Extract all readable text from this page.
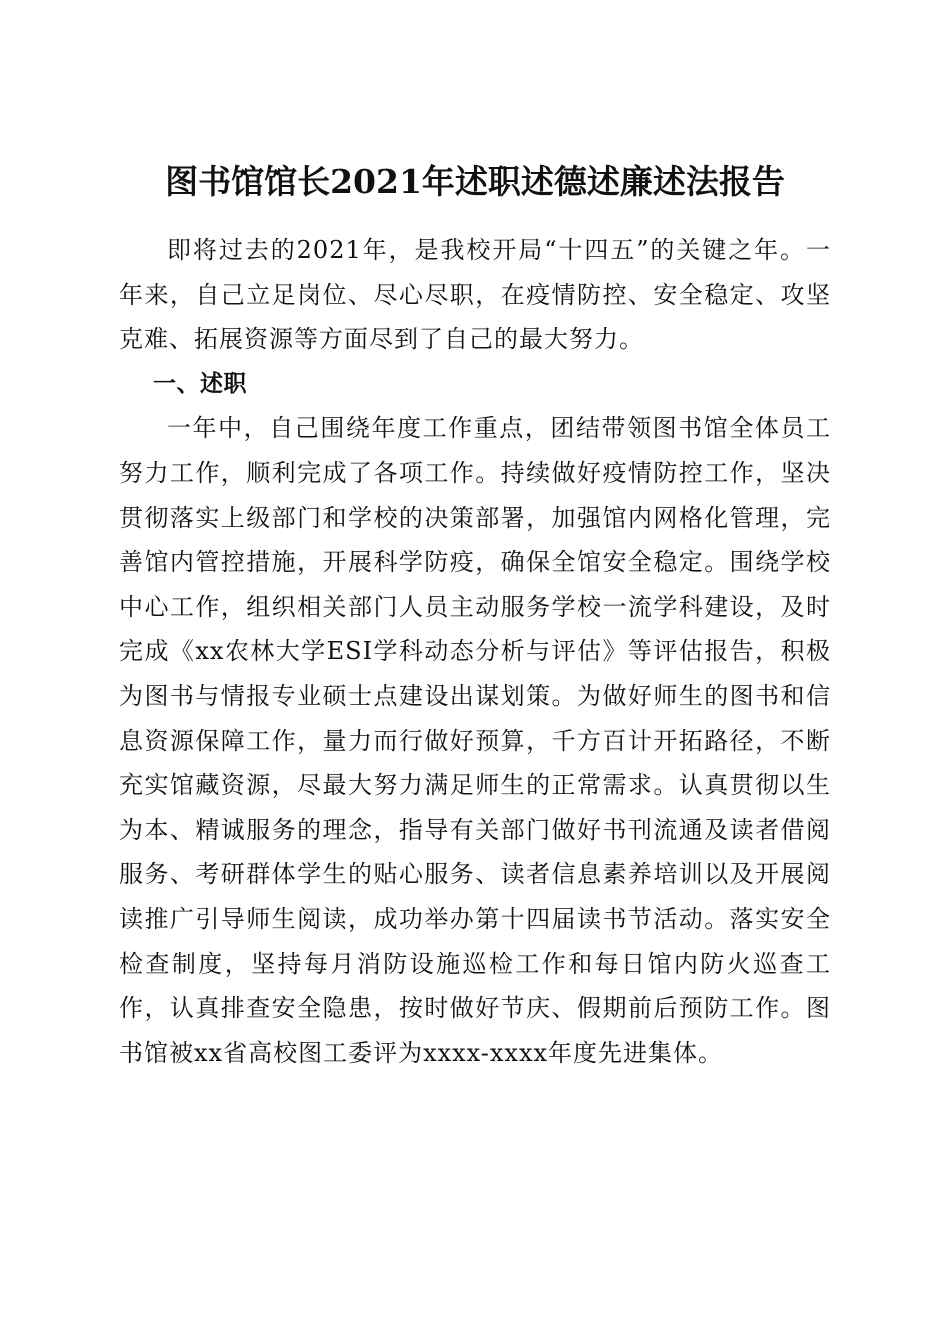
图书馆馆长2021年述职述德述廉述法报告

即将过去的2021年，是我校开局“十四五”的关键之年。一年来，自己立足岗位、尽心尽职，在疫情防控、安全稳定、攻坚克难、拓展资源等方面尽到了自己的最大努力。

一、述职

一年中，自己围绕年度工作重点，团结带领图书馆全体员工努力工作，顺利完成了各项工作。持续做好疫情防控工作，坚决贯彻落实上级部门和学校的决策部署，加强馆内网格化管理，完善馆内管控措施，开展科学防疫，确保全馆安全稳定。围绕学校中心工作，组织相关部门人员主动服务学校一流学科建设，及时完成《xx农林大学ESI学科动态分析与评估》等评估报告，积极为图书与情报专业硕士点建设出谋划策。为做好师生的图书和信息资源保障工作，量力而行做好预算，千方百计开拓路径，不断充实馆藏资源，尽最大努力满足师生的正常需求。认真贯彻以生为本、精诚服务的理念，指导有关部门做好书刊流通及读者借阅服务、考研群体学生的贴心服务、读者信息素养培训以及开展阅读推广引导师生阅读，成功举办第十四届读书节活动。落实安全检查制度，坚持每月消防设施巡检工作和每日馆内防火巡查工作，认真排查安全隐患，按时做好节庆、假期前后预防工作。图书馆被xx省高校图工委评为xxxx-xxxx年度先进集体。
